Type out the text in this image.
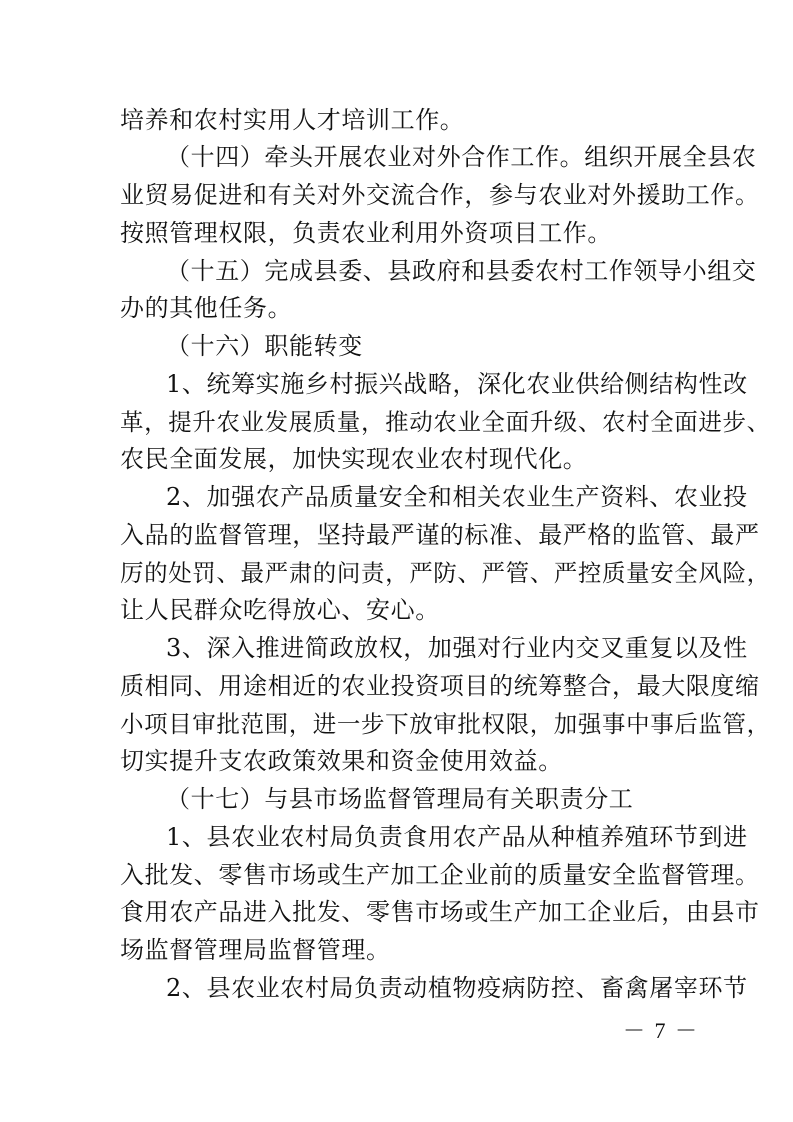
培养和农村实用人才培训工作。
（十四）牵头开展农业对外合作工作。组织开展全县农
业贸易促进和有关对外交流合作，参与农业对外援助工作。
按照管理权限，负责农业利用外资项目工作。
（十五）完成县委、县政府和县委农村工作领导小组交
办的其他任务。
（十六）职能转变
1、统筹实施乡村振兴战略，深化农业供给侧结构性改
革，提升农业发展质量，推动农业全面升级、农村全面进步、
农民全面发展，加快实现农业农村现代化。
2、加强农产品质量安全和相关农业生产资料、农业投
入品的监督管理，坚持最严谨的标准、最严格的监管、最严
厉的处罚、最严肃的问责，严防、严管、严控质量安全风险，
让人民群众吃得放心、安心。
3、深入推进简政放权，加强对行业内交叉重复以及性
质相同、用途相近的农业投资项目的统筹整合，最大限度缩
小项目审批范围，进一步下放审批权限，加强事中事后监管，
切实提升支农政策效果和资金使用效益。
（十七）与县市场监督管理局有关职责分工
1、县农业农村局负责食用农产品从种植养殖环节到进
入批发、零售市场或生产加工企业前的质量安全监督管理。
食用农产品进入批发、零售市场或生产加工企业后，由县市
场监督管理局监督管理。
2、县农业农村局负责动植物疫病防控、畜禽屠宰环节
－ 7 －
